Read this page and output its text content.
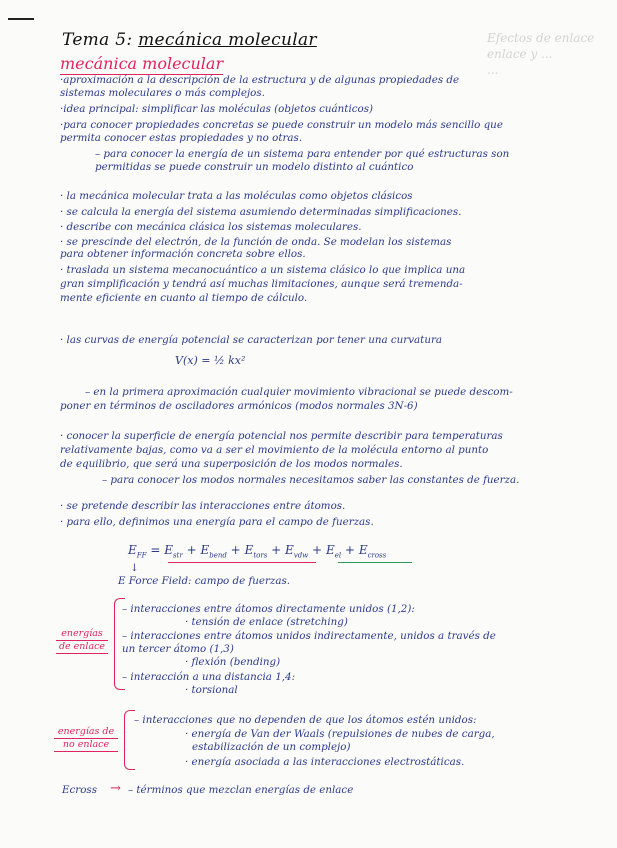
Efectos de enlace
enlace y ...
...
Tema 5: mecánica molecular
mecánica molecular
·aproximación a la descripción de la estructura y de algunas propiedades de
sistemas moleculares o más complejos.
·idea principal: simplificar las moléculas (objetos cuánticos)
·para conocer propiedades concretas se puede construir un modelo más sencillo que
permita conocer estas propiedades y no otras.
– para conocer la energía de un sistema para entender por qué estructuras son
permitidas se puede construir un modelo distinto al cuántico
· la mecánica molecular trata a las moléculas como objetos clásicos
· se calcula la energía del sistema asumiendo determinadas simplificaciones.
· describe con mecánica clásica los sistemas moleculares.
· se prescinde del electrón, de la función de onda. Se modelan los sistemas
para obtener información concreta sobre ellos.
· traslada un sistema mecanocuántico a un sistema clásico lo que implica una
gran simplificación y tendrá así muchas limitaciones, aunque será tremenda-
mente eficiente en cuanto al tiempo de cálculo.
· las curvas de energía potencial se caracterizan por tener una curvatura
V(x) = ½ kx²
– en la primera aproximación cualquier movimiento vibracional se puede descom-
poner en términos de osciladores armónicos (modos normales 3N-6)
· conocer la superficie de energía potencial nos permite describir para temperaturas
relativamente bajas, como va a ser el movimiento de la molécula entorno al punto
de equilibrio, que será una superposición de los modos normales.
– para conocer los modos normales necesitamos saber las constantes de fuerza.
· se pretende describir las interacciones entre átomos.
· para ello, definimos una energía para el campo de fuerzas.
$E_{FF} = E_{str} + E_{bend} + E_{tors} + E_{vdw} + E_{el} + E_{cross}$
↓
E Force Field: campo de fuerzas.
energías
de enlace
– interacciones entre átomos directamente unidos (1,2):
· tensión de enlace (stretching)
– interacciones entre átomos unidos indirectamente, unidos a través de
un tercer átomo (1,3)
· flexión (bending)
– interacción a una distancia 1,4:
· torsional
energías de
no enlace
– interacciones que no dependen de que los átomos estén unidos:
· energía de Van der Waals (repulsiones de nubes de carga,
estabilización de un complejo)
· energía asociada a las interacciones electrostáticas.
Ecross → – términos que mezclan energías de enlace
